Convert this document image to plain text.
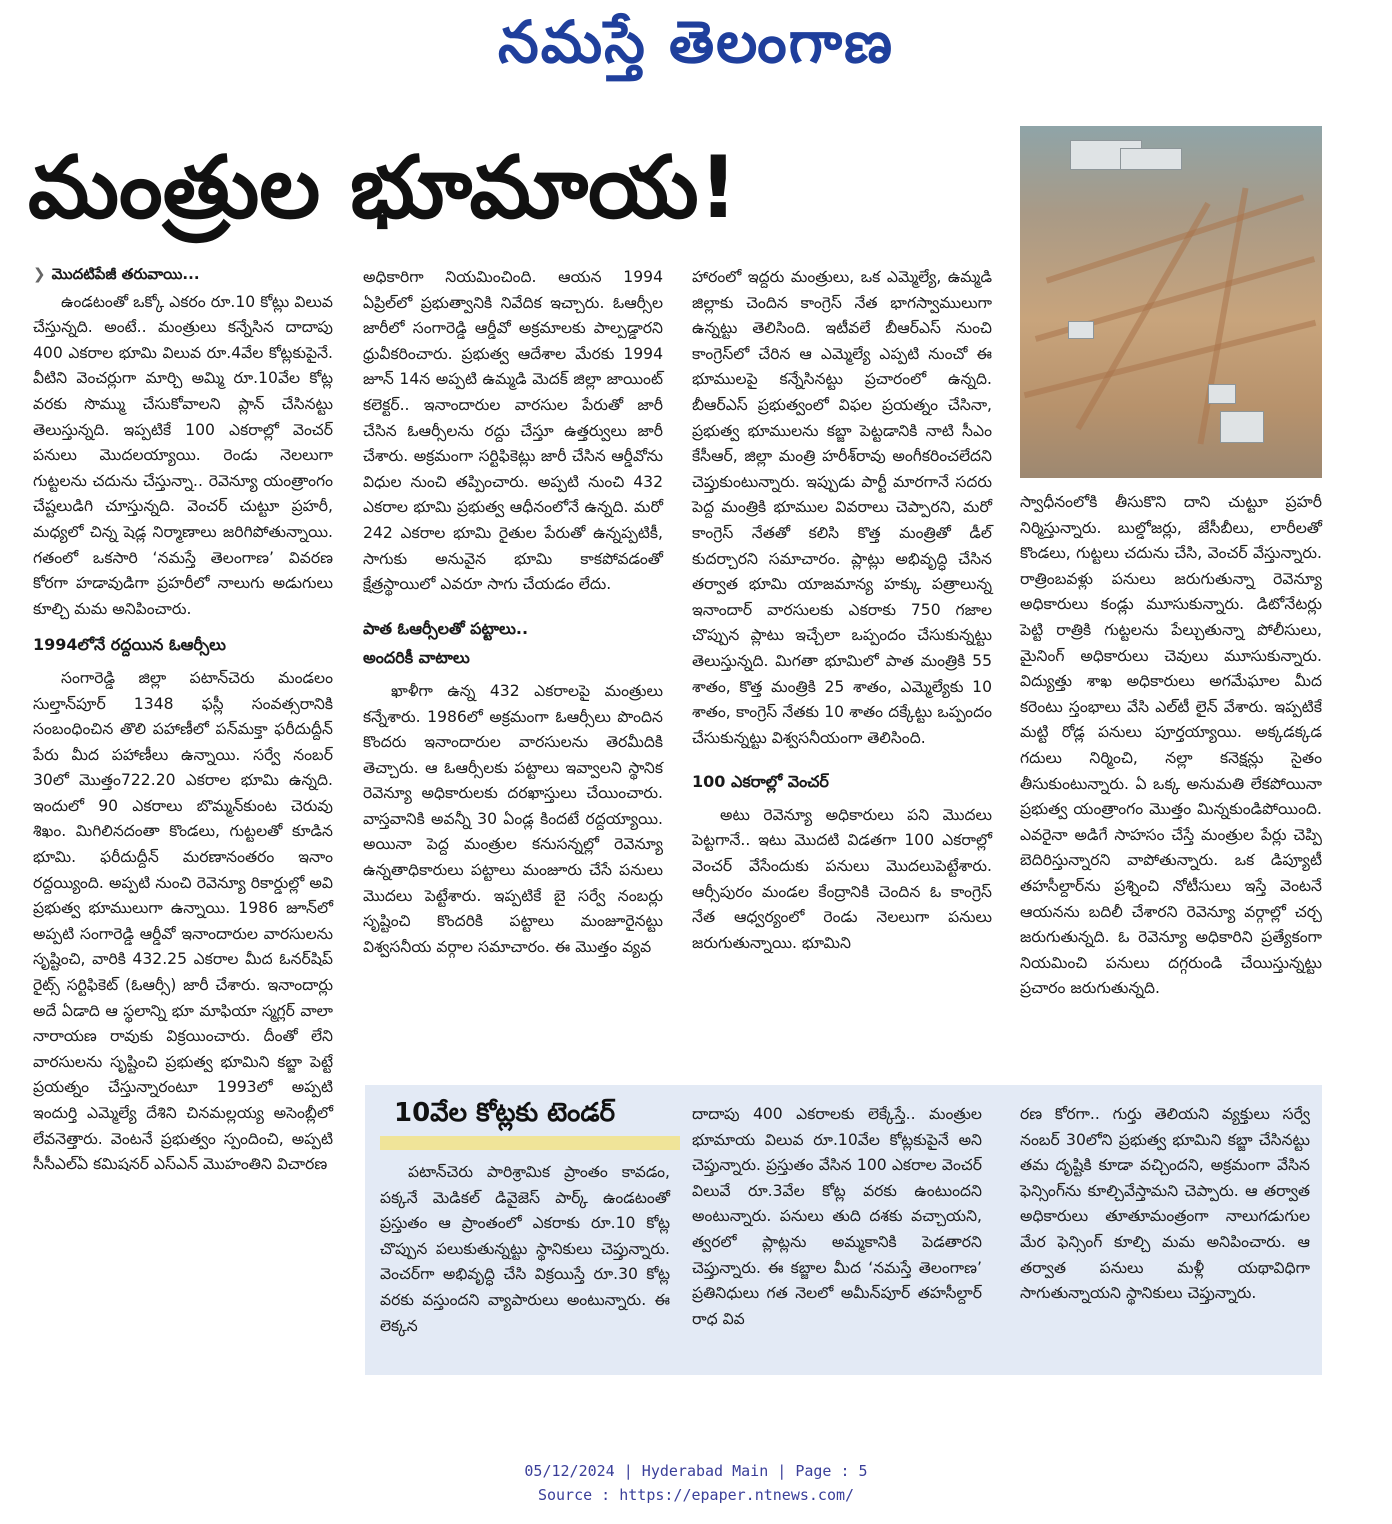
నమస్తే తెలంగాణ
మంత్రుల భూమాయ!
❯ మొదటిపేజీ తరువాయి...

ఉండటంతో ఒక్కో ఎకరం రూ.10 కోట్లు విలువ చేస్తున్నది. అంటే.. మంత్రులు కన్నేసిన దాదాపు 400 ఎకరాల భూమి విలువ రూ.4వేల కోట్లకుపైనే. వీటిని వెంచర్లుగా మార్చి అమ్మి రూ.10వేల కోట్ల వరకు సొమ్ము చేసుకోవాలని ప్లాన్ చేసినట్టు తెలుస్తున్నది. ఇప్పటికే 100 ఎకరాల్లో వెంచర్ పనులు మొదలయ్యాయి. రెండు నెలలుగా గుట్టలను చదును చేస్తున్నా.. రెవెన్యూ యంత్రాంగం చేష్టలుడిగి చూస్తున్నది. వెంచర్ చుట్టూ ప్రహరీ, మధ్యలో చిన్న షెడ్ల నిర్మాణాలు జరిగిపోతున్నాయి. గతంలో ఒకసారి ‘నమస్తే తెలంగాణ’ వివరణ కోరగా హడావుడిగా ప్రహరీలో నాలుగు అడుగులు కూల్చి మమ అనిపించారు.

1994లోనే రద్దయిన ఓఆర్సీలు

సంగారెడ్డి జిల్లా పటాన్‌చెరు మండలం సుల్తాన్‌పూర్ 1348 ఫస్లీ సంవత్సరానికి సంబంధించిన తొలి పహాణీలో పన్‌మక్తా ఫరీదుద్దీన్ పేరు మీద పహాణీలు ఉన్నాయి. సర్వే నంబర్ 30లో మొత్తం722.20 ఎకరాల భూమి ఉన్నది. ఇందులో 90 ఎకరాలు బొమ్మన్‌కుంట చెరువు శిఖం. మిగిలినదంతా కొండలు, గుట్టలతో కూడిన భూమి. ఫరీదుద్దీన్ మరణానంతరం ఇనాం రద్దయ్యింది. అప్పటి నుంచి రెవెన్యూ రికార్డుల్లో అవి ప్రభుత్వ భూములుగా ఉన్నాయి. 1986 జూన్‌లో అప్పటి సంగారెడ్డి ఆర్డీవో ఇనాందారుల వారసులను సృష్టించి, వారికి 432.25 ఎకరాల మీద ఓనర్‌షిప్ రైట్స్ సర్టిఫికెట్ (ఓఆర్సీ) జారీ చేశారు. ఇనాందార్లు అదే ఏడాది ఆ స్థలాన్ని భూ మాఫియా స్మగ్లర్ వాలా నారాయణ రావుకు విక్రయించారు. దీంతో లేని వారసులను సృష్టించి ప్రభుత్వ భూమిని కబ్జా పెట్టే ప్రయత్నం చేస్తున్నారంటూ 1993లో అప్పటి ఇందుర్తి ఎమ్మెల్యే దేశిని చినమల్లయ్య అసెంబ్లీలో లేవనెత్తారు. వెంటనే ప్రభుత్వం స్పందించి, అప్పటి సీసీఎల్‌ఏ కమిషనర్ ఎస్‌ఎన్ మొహంతిని విచారణ

అధికారిగా నియమించింది. ఆయన 1994 ఏప్రిల్‌లో ప్రభుత్వానికి నివేదిక ఇచ్చారు. ఓఆర్సీల జారీలో సంగారెడ్డి ఆర్డీవో అక్రమాలకు పాల్పడ్డారని ధ్రువీకరించారు. ప్రభుత్వ ఆదేశాల మేరకు 1994 జూన్ 14న అప్పటి ఉమ్మడి మెదక్ జిల్లా జాయింట్ కలెక్టర్.. ఇనాందారుల వారసుల పేరుతో జారీ చేసిన ఓఆర్సీలను రద్దు చేస్తూ ఉత్తర్వులు జారీ చేశారు. అక్రమంగా సర్టిఫికెట్లు జారీ చేసిన ఆర్డీవోను విధుల నుంచి తప్పించారు. అప్పటి నుంచి 432 ఎకరాల భూమి ప్రభుత్వ ఆధీనంలోనే ఉన్నది. మరో 242 ఎకరాల భూమి రైతుల పేరుతో ఉన్నప్పటికీ, సాగుకు అనువైన భూమి కాకపోవడంతో క్షేత్రస్థాయిలో ఎవరూ సాగు చేయడం లేదు.

పాత ఓఆర్సీలతో పట్టాలు..
అందరికీ వాటాలు

ఖాళీగా ఉన్న 432 ఎకరాలపై మంత్రులు కన్నేశారు. 1986లో అక్రమంగా ఓఆర్సీలు పొందిన కొందరు ఇనాందారుల వారసులను తెరమీదికి తెచ్చారు. ఆ ఓఆర్సీలకు పట్టాలు ఇవ్వాలని స్థానిక రెవెన్యూ అధికారులకు దరఖాస్తులు చేయించారు. వాస్తవానికి అవన్నీ 30 ఏండ్ల కిందటే రద్దయ్యాయి. అయినా పెద్ద మంత్రుల కనుసన్నల్లో రెవెన్యూ ఉన్నతాధికారులు పట్టాలు మంజూరు చేసే పనులు మొదలు పెట్టేశారు. ఇప్పటికే బై సర్వే నంబర్లు సృష్టించి కొందరికి పట్టాలు మంజూరైనట్టు విశ్వసనీయ వర్గాల సమాచారం. ఈ మొత్తం వ్యవ

హారంలో ఇద్దరు మంత్రులు, ఒక ఎమ్మెల్యే, ఉమ్మడి జిల్లాకు చెందిన కాంగ్రెస్ నేత భాగస్వాములుగా ఉన్నట్టు తెలిసింది. ఇటీవలే బీఆర్‌ఎస్ నుంచి కాంగ్రెస్‌లో చేరిన ఆ ఎమ్మెల్యే ఎప్పటి నుంచో ఈ భూములపై కన్నేసినట్టు ప్రచారంలో ఉన్నది. బీఆర్‌ఎస్ ప్రభుత్వంలో విఫల ప్రయత్నం చేసినా, ప్రభుత్వ భూములను కబ్జా పెట్టడానికి నాటి సీఎం కేసీఆర్, జిల్లా మంత్రి హరీశ్‌రావు అంగీకరించలేదని చెప్తుకుంటున్నారు. ఇప్పుడు పార్టీ మారగానే సదరు పెద్ద మంత్రికి భూముల వివరాలు చెప్పారని, మరో కాంగ్రెస్ నేతతో కలిసి కొత్త మంత్రితో డీల్ కుదర్చారని సమాచారం. ప్లాట్లు అభివృద్ధి చేసిన తర్వాత భూమి యాజమాన్య హక్కు పత్రాలున్న ఇనాందార్ వారసులకు ఎకరాకు 750 గజాల చొప్పున ప్లాటు ఇచ్చేలా ఒప్పందం చేసుకున్నట్టు తెలుస్తున్నది. మిగతా భూమిలో పాత మంత్రికి 55 శాతం, కొత్త మంత్రికి 25 శాతం, ఎమ్మెల్యేకు 10 శాతం, కాంగ్రెస్ నేతకు 10 శాతం దక్కేట్టు ఒప్పందం చేసుకున్నట్టు విశ్వసనీయంగా తెలిసింది.

100 ఎకరాల్లో వెంచర్

అటు రెవెన్యూ అధికారులు పని మొదలు పెట్టగానే.. ఇటు మొదటి విడతగా 100 ఎకరాల్లో వెంచర్ వేసేందుకు పనులు మొదలుపెట్టేశారు. ఆర్సీపురం మండల కేంద్రానికి చెందిన ఓ కాంగ్రెస్ నేత ఆధ్వర్యంలో రెండు నెలలుగా పనులు జరుగుతున్నాయి. భూమిని

స్వాధీనంలోకి తీసుకొని దాని చుట్టూ ప్రహరీ నిర్మిస్తున్నారు. బుల్డోజర్లు, జేసీబీలు, లారీలతో కొండలు, గుట్టలు చదును చేసి, వెంచర్ వేస్తున్నారు. రాత్రింబవళ్లు పనులు జరుగుతున్నా రెవెన్యూ అధికారులు కండ్లు మూసుకున్నారు. డిటోనేటర్లు పెట్టి రాత్రికి గుట్టలను పేల్చుతున్నా పోలీసులు, మైనింగ్ అధికారులు చెవులు మూసుకున్నారు. విద్యుత్తు శాఖ అధికారులు అగమేఘాల మీద కరెంటు స్తంభాలు వేసి ఎల్‌టీ లైన్ వేశారు. ఇప్పటికే మట్టి రోడ్ల పనులు పూర్తయ్యాయి. అక్కడక్కడ గదులు నిర్మించి, నల్లా కనెక్షన్లు సైతం తీసుకుంటున్నారు. ఏ ఒక్క అనుమతి లేకపోయినా ప్రభుత్వ యంత్రాంగం మొత్తం మిన్నకుండిపోయింది. ఎవరైనా అడిగే సాహసం చేస్తే మంత్రుల పేర్లు చెప్పి బెదిరిస్తున్నారని వాపోతున్నారు. ఒక డిప్యూటీ తహసీల్దార్‌ను ప్రశ్నించి నోటీసులు ఇస్తే వెంటనే ఆయనను బదిలీ చేశారని రెవెన్యూ వర్గాల్లో చర్చ జరుగుతున్నది. ఓ రెవెన్యూ అధికారిని ప్రత్యేకంగా నియమించి పనులు దగ్గరుండి చేయిస్తున్నట్టు ప్రచారం జరుగుతున్నది.

10వేల కోట్లకు టెండర్

పటాన్‌చెరు పారిశ్రామిక ప్రాంతం కావడం, పక్కనే మెడికల్ డివైజెస్ పార్క్ ఉండటంతో ప్రస్తుతం ఆ ప్రాంతంలో ఎకరాకు రూ.10 కోట్ల చొప్పున పలుకుతున్నట్టు స్థానికులు చెప్తున్నారు. వెంచర్‌గా అభివృద్ధి చేసి విక్రయిస్తే రూ.30 కోట్ల వరకు వస్తుందని వ్యాపారులు అంటున్నారు. ఈ లెక్కన

దాదాపు 400 ఎకరాలకు లెక్కేస్తే.. మంత్రుల భూమాయ విలువ రూ.10వేల కోట్లకుపైనే అని చెప్తున్నారు. ప్రస్తుతం వేసిన 100 ఎకరాల వెంచర్ విలువే రూ.3వేల కోట్ల వరకు ఉంటుందని అంటున్నారు. పనులు తుది దశకు వచ్చాయని, త్వరలో ప్లాట్లను అమ్మకానికి పెడతారని చెప్తున్నారు. ఈ కబ్జాల మీద ‘నమస్తే తెలంగాణ’ ప్రతినిధులు గత నెలలో అమీన్‌పూర్ తహసీల్దార్ రాధ వివ

రణ కోరగా.. గుర్తు తెలియని వ్యక్తులు సర్వే నంబర్ 30లోని ప్రభుత్వ భూమిని కబ్జా చేసినట్టు తమ దృష్టికి కూడా వచ్చిందని, అక్రమంగా వేసిన ఫెన్సింగ్‌ను కూల్చివేస్తామని చెప్పారు. ఆ తర్వాత అధికారులు తూతూమంత్రంగా నాలుగడుగుల మేర ఫెన్సింగ్ కూల్చి మమ అనిపించారు. ఆ తర్వాత పనులు మళ్లీ యథావిధిగా సాగుతున్నాయని స్థానికులు చెప్తున్నారు.

05/12/2024 | Hyderabad Main | Page : 5
Source : https://epaper.ntnews.com/
